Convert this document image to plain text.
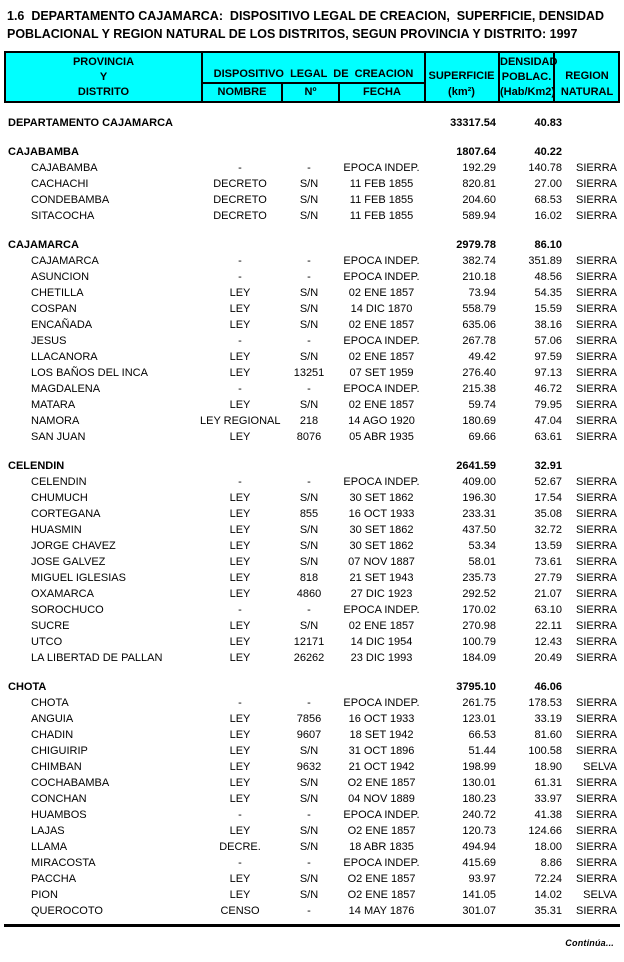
1.6  DEPARTAMENTO CAJAMARCA:  DISPOSITIVO LEGAL DE CREACION,  SUPERFICIE, DENSIDAD
POBLACIONAL Y REGION NATURAL DE LOS DISTRITOS, SEGUN PROVINCIA Y DISTRITO: 1997
PROVINCIA
Y
DISTRITO
DISPOSITIVO  LEGAL  DE  CREACION
NOMBRE	Nº	FECHA
SUPERFICIE
(km²)
DENSIDAD
POBLAC.
(Hab/Km2)
REGION
NATURAL
DEPARTAMENTO CAJAMARCA	33317.54	40.83
CAJABAMBA	1807.64	40.22
CAJABAMBA	-	-	EPOCA INDEP.	192.29	140.78	SIERRA
CACHACHI	DECRETO	S/N	11 FEB 1855	820.81	27.00	SIERRA
CONDEBAMBA	DECRETO	S/N	11 FEB 1855	204.60	68.53	SIERRA
SITACOCHA	DECRETO	S/N	11 FEB 1855	589.94	16.02	SIERRA
CAJAMARCA	2979.78	86.10
CAJAMARCA	-	-	EPOCA INDEP.	382.74	351.89	SIERRA
ASUNCION	-	-	EPOCA INDEP.	210.18	48.56	SIERRA
CHETILLA	LEY	S/N	02 ENE 1857	73.94	54.35	SIERRA
COSPAN	LEY	S/N	14 DIC 1870	558.79	15.59	SIERRA
ENCAÑADA	LEY	S/N	02 ENE 1857	635.06	38.16	SIERRA
JESUS	-	-	EPOCA INDEP.	267.78	57.06	SIERRA
LLACANORA	LEY	S/N	02 ENE 1857	49.42	97.59	SIERRA
LOS BAÑOS DEL INCA	LEY	13251	07 SET 1959	276.40	97.13	SIERRA
MAGDALENA	-	-	EPOCA INDEP.	215.38	46.72	SIERRA
MATARA	LEY	S/N	02 ENE 1857	59.74	79.95	SIERRA
NAMORA	LEY REGIONAL	218	14 AGO 1920	180.69	47.04	SIERRA
SAN JUAN	LEY	8076	05 ABR 1935	69.66	63.61	SIERRA
CELENDIN	2641.59	32.91
CELENDIN	-	-	EPOCA INDEP.	409.00	52.67	SIERRA
CHUMUCH	LEY	S/N	30 SET 1862	196.30	17.54	SIERRA
CORTEGANA	LEY	855	16 OCT 1933	233.31	35.08	SIERRA
HUASMIN	LEY	S/N	30 SET 1862	437.50	32.72	SIERRA
JORGE CHAVEZ	LEY	S/N	30 SET 1862	53.34	13.59	SIERRA
JOSE GALVEZ	LEY	S/N	07 NOV 1887	58.01	73.61	SIERRA
MIGUEL IGLESIAS	LEY	818	21 SET 1943	235.73	27.79	SIERRA
OXAMARCA	LEY	4860	27 DIC 1923	292.52	21.07	SIERRA
SOROCHUCO	-	-	EPOCA INDEP.	170.02	63.10	SIERRA
SUCRE	LEY	S/N	02 ENE 1857	270.98	22.11	SIERRA
UTCO	LEY	12171	14 DIC 1954	100.79	12.43	SIERRA
LA LIBERTAD DE PALLAN	LEY	26262	23 DIC 1993	184.09	20.49	SIERRA
CHOTA	3795.10	46.06
CHOTA	-	-	EPOCA INDEP.	261.75	178.53	SIERRA
ANGUIA	LEY	7856	16 OCT 1933	123.01	33.19	SIERRA
CHADIN	LEY	9607	18 SET 1942	66.53	81.60	SIERRA
CHIGUIRIP	LEY	S/N	31 OCT 1896	51.44	100.58	SIERRA
CHIMBAN	LEY	9632	21 OCT 1942	198.99	18.90	SELVA
COCHABAMBA	LEY	S/N	O2 ENE 1857	130.01	61.31	SIERRA
CONCHAN	LEY	S/N	04 NOV 1889	180.23	33.97	SIERRA
HUAMBOS	-	-	EPOCA INDEP.	240.72	41.38	SIERRA
LAJAS	LEY	S/N	O2 ENE 1857	120.73	124.66	SIERRA
LLAMA	DECRE.	S/N	18 ABR 1835	494.94	18.00	SIERRA
MIRACOSTA	-	-	EPOCA INDEP.	415.69	8.86	SIERRA
PACCHA	LEY	S/N	O2 ENE 1857	93.97	72.24	SIERRA
PION	LEY	S/N	O2 ENE 1857	141.05	14.02	SELVA
QUEROCOTO	CENSO	-	14 MAY 1876	301.07	35.31	SIERRA
Continúa...
